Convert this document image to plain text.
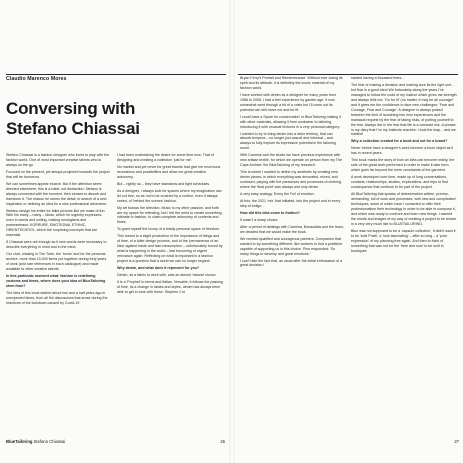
Claudio Marenco Mores
Conversing with
Stefano Chiassai

Stefano Chiassai is a fashion designer who loves to play with the fashion world. One of most important creative talents who is always on the go.

Focused on the present, yet always projected towards the project that will be tomorrow.

We can sometimes appear elusive. But if the attention seem directed elsewhere, this is a habit, not distraction: Stefano is always connected with the moment, their senses to absorb and transform it. The reason he stores the detail, in search of a new inspiration or defining an idea for a new professional adventure.

Stefano design his entire for talks pictures like we make of fun. With his many – many – ideas, which he urgently expresses, even in words and writing, making neologisms and portmanteaus: KORRURE, EMOTIONAL ETHNIC, ORIENTSCHOOL, which the surprising concepts that are essential.

If Chiassai were not enough as if new words were necessary to describe everything in mind and in the mind.

Our chat, chasing in The Tube, the 'home' and for the personal archive, more than 10,000 items put together during forty years of work (and rare references in each catalogue) and made available to other creative talents.

In this particular moment what: fashion is redefining customs and times, where does your idea of BlueTailoring stem from?

The idea of this book started about two and a half years ago in unexpected times, from all the discussions that arose during the reactions of the lockdown caused by Covid-19

I had been undertaking the desire for some time now. That of designing and creating a collection 'just for me'.

No market and yet never for great brands that give me enormous recreations and possibilities and allow me great creative autonomy.

But – rightly so – they have standards and tight schedules.

As a designer, I always look for spaces where my imagination can let out free, so as not to be crushed by a routine, even if always varied, of 'behind the scenes' fashion.

My art follows the direction. Music is my other passion, and both are my space for reflecting, but I felt the need to create something intimate to fashion, to claim complete autonomy of contents and times.

To grant myself the luxury of a totally personal space of freedom.

This meant to a slight production of the importance of things and of time, of a fuller design process, and of the 'permanence of an idea' against haste and fast consumption – unfortunately forced by what is happening in the world – fast becoming of urgent relevance again. Reflecting on what is important in a fashion project is a question that a world we can no longer neglect.

Why denim, and what does it represent for you?

Denim, as a fabric to work with, was an almost 'natural' choice.

It is a 'Prophet' in terms and Italian, Versatile, it follows the passing of time, its a change in tastes and styles, denim has always been able to get in tune with these. Stephen Cut

BlueTailoring Stefano Chiassai	26

Bryan Ferry's Portrait and Remembrance. Without ever losing its spirit and its attitude, it is definitely the iconic material of my fashion world.

I have worked with denim as a designer for many years from 1986 to 2008. I had a feel experience by garden age. It now somewhat went through a bit of a crisis but I'll come out its potential can still move me and be fit.

I could have a Spare for conservation' in BlueTailoring making it with other materials, allowing it from workwear to tailoring, introducing it with unusual textures in a very personal category.

I wanted to try to bring denim into a tailor territory, that can absorb tempera – no longer just casual and informal – and always to fully explore its expressive potential in the tailoring world.

With Carmine and the studio we have previous experience with new artisan textile, for which we operate on person from my The Cape Archive, the BlueTailoring of my research.

This is where I wanted to define my aesthetic by creating new denim pieces, in which everything was decorated, mixed, and confused, playing with the paradoxes and processes of clothing, where the 'final point' was always and only denim.

A very easy analogy. Every the Full of emotion.

At this, the 2021 'mix' that initiated, into the project and in every step of indigo.

How did this idea come to fruition?

It wasn't a sharp choice.

After a period of dealings with Carmina, Bonacalda and the team, we decided that we would make the book.

We needed qualified and courageous partners. Companies that wanted to try something different, like workers to find a publisher capable of supporting us in this choice. Pino responded: 'So many things to develop and great emotions.'

I can't hide the fact that, as usual after the initial enthusiasm of a great decision I

started having a thousand fears...

The fear of making a decision and making sure its the right one... but fear is a good idea! We fortunately along the years I've managed to follow the roots of my instinct which gives me strength and always tells me: 'Go for it!' (no matter, it may be all courage!' and it gives me the confidence to face new challenges: 'Fear and Courage, Fear and Courage'. A designer is always poised between the limit of launching into new experiences and the maniacal request by the fear of taking risks, of putting yourself to the test. Always live in the fear that life is a constant risk. A phrase in my diary that I've my Instincts reaches: I took the leap... and we started!

Why a collection created for a book and not for a brand?

Never before have a designer's work become a book object as it has in recent years.

This book marks the story of how an idea can become reality, the side of the great work performed in order to make it take form, which goes far beyond the mere constraints of the garment.

A work developed over time, made up of long conversations, contacts, relationships, studies, explorations, and trips to find consequence that continue to be part of the project.

All BlueTailoring that speaks of determination written, precise, demanding, full of work and processes, with new and complicated techniques, some of which have I contacted to offer their professionalism their technology in order to be able to compose it, and which was ready to confront and learn new things. I wanted the words and images of my way of creating a project to be shown in a very very much like to BLUETAILORING.

Blue was not supposed to be a 'capsule collection', it didn't want it to be 'sold Pratti', a 'look fascinating' – after so long – a 'pure expression' of my planning free again. And then to think of something that was not for the 'here and now' to be sold in boutiques

27
